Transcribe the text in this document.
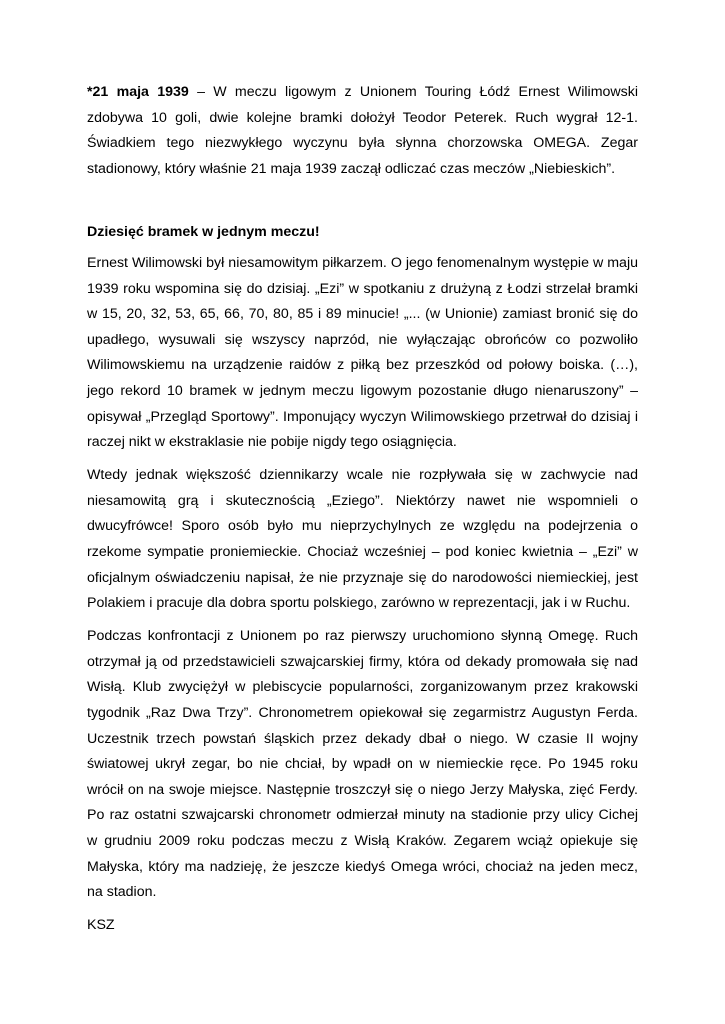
*21 maja 1939 – W meczu ligowym z Unionem Touring Łódź Ernest Wilimowski zdobywa 10 goli, dwie kolejne bramki dołożył Teodor Peterek. Ruch wygrał 12-1. Świadkiem tego niezwykłego wyczynu była słynna chorzowska OMEGA. Zegar stadionowy, który właśnie 21 maja 1939 zaczął odliczać czas meczów „Niebieskich”.

Dziesięć bramek w jednym meczu!

Ernest Wilimowski był niesamowitym piłkarzem. O jego fenomenalnym występie w maju 1939 roku wspomina się do dzisiaj. „Ezi” w spotkaniu z drużyną z Łodzi strzelał bramki w 15, 20, 32, 53, 65, 66, 70, 80, 85 i 89 minucie! „... (w Unionie) zamiast bronić się do upadłego, wysuwali się wszyscy naprzód, nie wyłączając obrońców co pozwoliło Wilimowskiemu na urządzenie raidów z piłką bez przeszkód od połowy boiska. (…), jego rekord 10 bramek w jednym meczu ligowym pozostanie długo nienaruszony” – opisywał „Przegląd Sportowy”. Imponujący wyczyn Wilimowskiego przetrwał do dzisiaj i raczej nikt w ekstraklasie nie pobije nigdy tego osiągnięcia.

Wtedy jednak większość dziennikarzy wcale nie rozpływała się w zachwycie nad niesamowitą grą i skutecznością „Eziego”. Niektórzy nawet nie wspomnieli o dwucyfrówce! Sporo osób było mu nieprzychylnych ze względu na podejrzenia o rzekome sympatie proniemieckie. Chociaż wcześniej – pod koniec kwietnia – „Ezi” w oficjalnym oświadczeniu napisał, że nie przyznaje się do narodowości niemieckiej, jest Polakiem i pracuje dla dobra sportu polskiego, zarówno w reprezentacji, jak i w Ruchu.

Podczas konfrontacji z Unionem po raz pierwszy uruchomiono słynną Omegę. Ruch otrzymał ją od przedstawicieli szwajcarskiej firmy, która od dekady promowała się nad Wisłą. Klub zwyciężył w plebiscycie popularności, zorganizowanym przez krakowski tygodnik „Raz Dwa Trzy”. Chronometrem opiekował się zegarmistrz Augustyn Ferda. Uczestnik trzech powstań śląskich przez dekady dbał o niego. W czasie II wojny światowej ukrył zegar, bo nie chciał, by wpadł on w niemieckie ręce. Po 1945 roku wrócił on na swoje miejsce. Następnie troszczył się o niego Jerzy Małyska, zięć Ferdy. Po raz ostatni szwajcarski chronometr odmierzał minuty na stadionie przy ulicy Cichej w grudniu 2009 roku podczas meczu z Wisłą Kraków. Zegarem wciąż opiekuje się Małyska, który ma nadzieję, że jeszcze kiedyś Omega wróci, chociaż na jeden mecz, na stadion.

KSZ
